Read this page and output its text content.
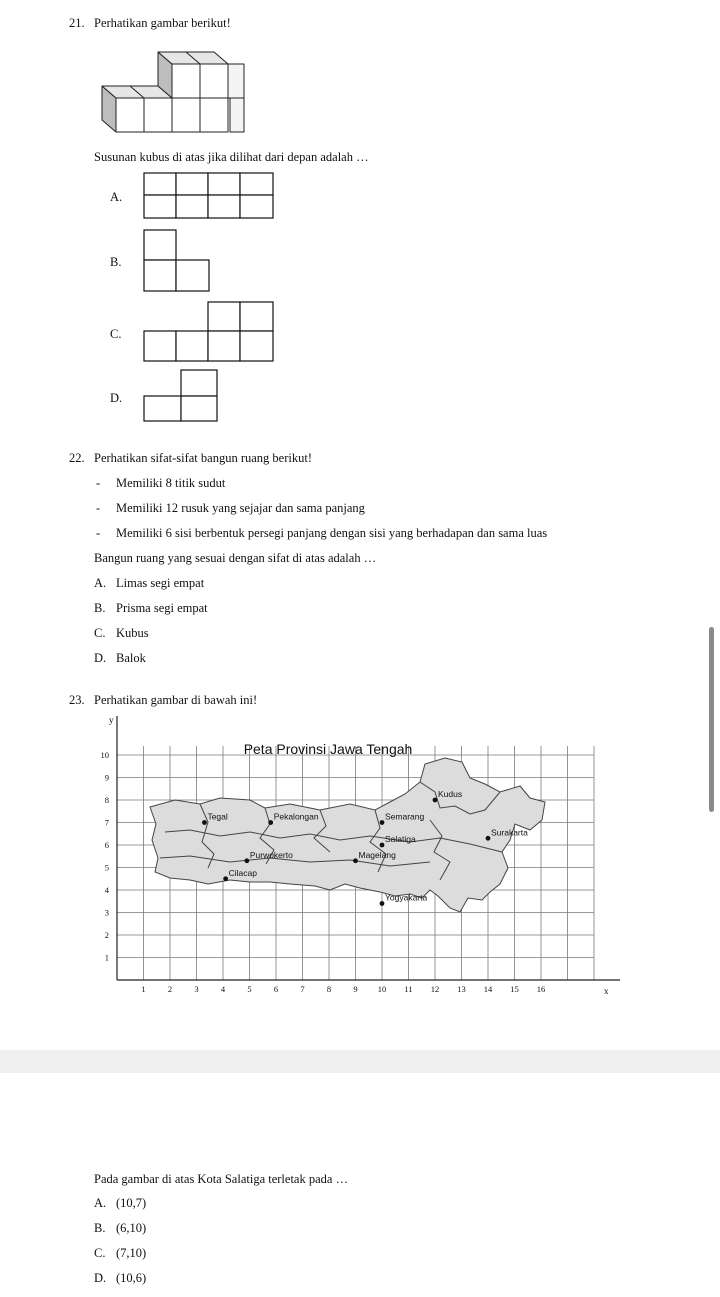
21. Perhatikan gambar berikut!
Susunan kubus di atas jika dilihat dari depan adalah …
A.
B.
C.
D.
22. Perhatikan sifat-sifat bangun ruang berikut!
- Memiliki 8 titik sudut
- Memiliki 12 rusuk yang sejajar dan sama panjang
- Memiliki 6 sisi berbentuk persegi panjang dengan sisi yang berhadapan dan sama luas
Bangun ruang yang sesuai dengan sifat di atas adalah …
A. Limas segi empat
B. Prisma segi empat
C. Kubus
D. Balok
23. Perhatikan gambar di bawah ini!
1	2	3	4	5	6	7	8	9 10 11 12 13 14 15 16
1
2
3
4
5
6
7
8
9
10
Kudus
Tegal	Pekalongan	Semarang
Surakarta
Salatiga
Purwokerto	Magelang
Cilacap
Yogyakarta
Peta Provinsi Jawa Tengah
y
x
Pada gambar di atas Kota Salatiga terletak pada …
A. (10,7)
B. (6,10)
C. (7,10)
D. (10,6)
